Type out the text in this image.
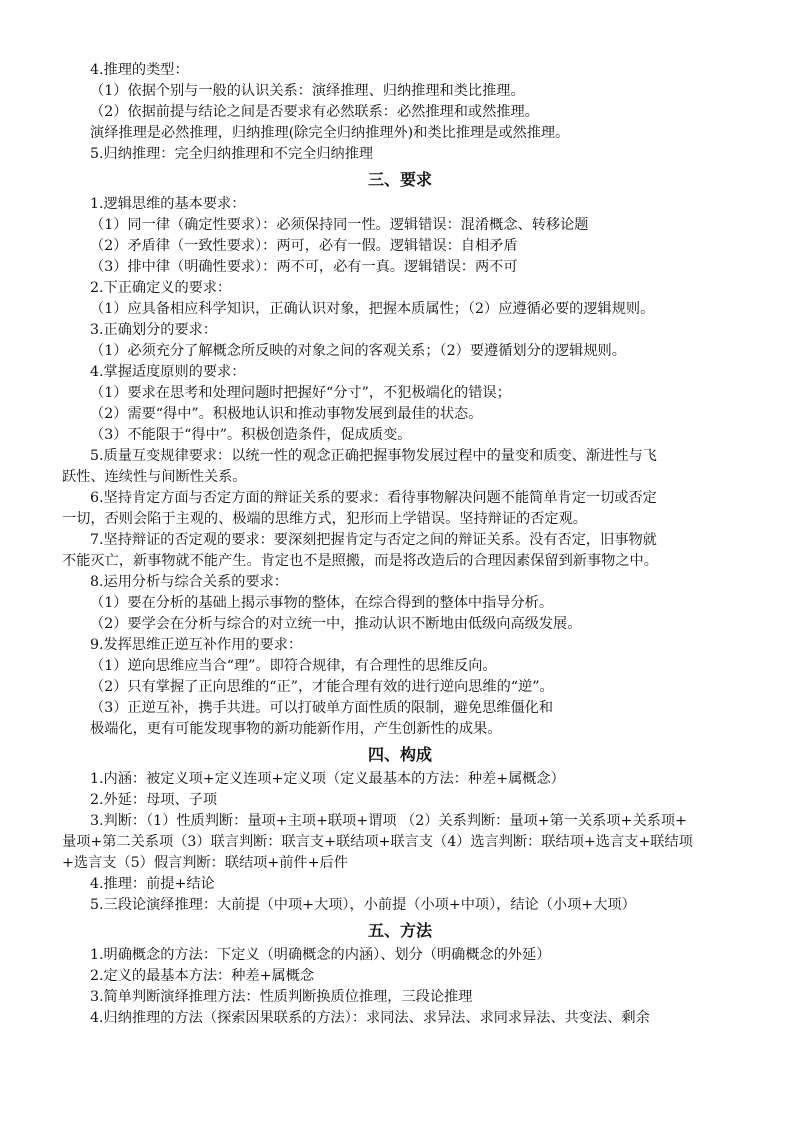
4.推理的类型：
（1）依据个别与一般的认识关系：演绎推理、归纳推理和类比推理。
（2）依据前提与结论之间是否要求有必然联系：必然推理和或然推理。
演绎推理是必然推理，归纳推理(除完全归纳推理外)和类比推理是或然推理。
5.归纳推理：完全归纳推理和不完全归纳推理
三、要求
1.逻辑思维的基本要求：
（1）同一律（确定性要求）：必须保持同一性。逻辑错误：混淆概念、转移论题
（2）矛盾律（一致性要求）：两可，必有一假。逻辑错误：自相矛盾
（3）排中律（明确性要求）：两不可，必有一真。逻辑错误：两不可
2.下正确定义的要求：
（1）应具备相应科学知识，正确认识对象，把握本质属性；（2）应遵循必要的逻辑规则。
3.正确划分的要求：
（1）必须充分了解概念所反映的对象之间的客观关系；（2）要遵循划分的逻辑规则。
4.掌握适度原则的要求：
（1）要求在思考和处理问题时把握好“分寸”，不犯极端化的错误；
（2）需要“得中”。积极地认识和推动事物发展到最佳的状态。
（3）不能限于“得中”。积极创造条件，促成质变。
5.质量互变规律要求：以统一性的观念正确把握事物发展过程中的量变和质变、渐进性与飞
跃性、连续性与间断性关系。
6.坚持肯定方面与否定方面的辩证关系的要求：看待事物解决问题不能简单肯定一切或否定
一切，否则会陷于主观的、极端的思维方式，犯形而上学错误。坚持辩证的否定观。
7.坚持辩证的否定观的要求：要深刻把握肯定与否定之间的辩证关系。没有否定，旧事物就
不能灭亡，新事物就不能产生。肯定也不是照搬，而是将改造后的合理因素保留到新事物之中。
8.运用分析与综合关系的要求：
（1）要在分析的基础上揭示事物的整体，在综合得到的整体中指导分析。
（2）要学会在分析与综合的对立统一中，推动认识不断地由低级向高级发展。
9.发挥思维正逆互补作用的要求：
（1）逆向思维应当合“理”。即符合规律，有合理性的思维反向。
（2）只有掌握了正向思维的“正”，才能合理有效的进行逆向思维的“逆”。
（3）正逆互补，携手共进。可以打破单方面性质的限制，避免思维僵化和
极端化，更有可能发现事物的新功能新作用，产生创新性的成果。
四、构成
1.内涵：被定义项+定义连项+定义项（定义最基本的方法：种差+属概念）
2.外延：母项、子项
3.判断：（1）性质判断：量项+主项+联项+谓项 （2）关系判断：量项+第一关系项+关系项+
量项+第二关系项（3）联言判断：联言支+联结项+联言支（4）选言判断：联结项+选言支+联结项
+选言支（5）假言判断：联结项+前件+后件
4.推理：前提+结论
5.三段论演绎推理：大前提（中项+大项），小前提（小项+中项），结论（小项+大项）
五、方法
1.明确概念的方法：下定义（明确概念的内涵）、划分（明确概念的外延）
2.定义的最基本方法：种差+属概念
3.简单判断演绎推理方法：性质判断换质位推理，三段论推理
4.归纳推理的方法（探索因果联系的方法）：求同法、求异法、求同求异法、共变法、剩余
